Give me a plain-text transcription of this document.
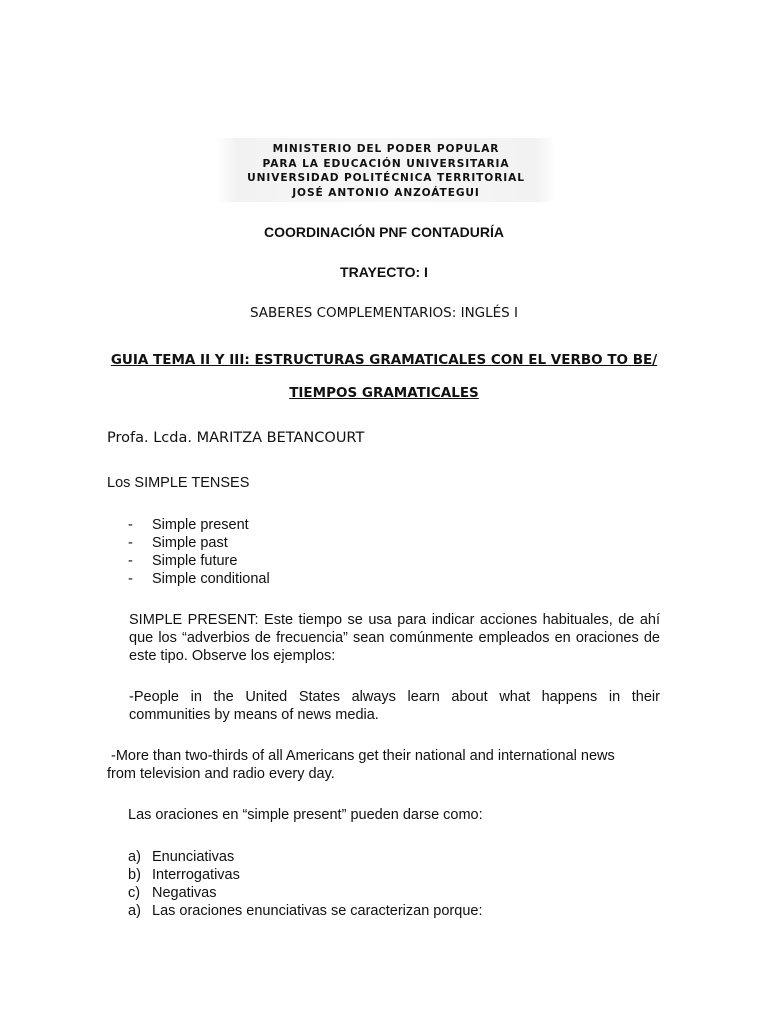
MINISTERIO DEL PODER POPULAR
PARA LA EDUCACIÓN UNIVERSITARIA
UNIVERSIDAD POLITÉCNICA TERRITORIAL
JOSÉ ANTONIO ANZOÁTEGUI
COORDINACIÓN PNF CONTADURÍA
TRAYECTO: I
SABERES COMPLEMENTARIOS: INGLÉS I
GUIA TEMA II Y III: ESTRUCTURAS GRAMATICALES CON EL VERBO TO BE/
TIEMPOS GRAMATICALES
Profa. Lcda. MARITZA BETANCOURT
Los SIMPLE TENSES
-	Simple present
-	Simple past
-	Simple future
-	Simple conditional
SIMPLE PRESENT: Este tiempo se usa para indicar acciones habituales, de ahí que los “adverbios de frecuencia” sean comúnmente empleados en oraciones de este tipo. Observe los ejemplos:
-People in the United States always learn about what happens in their communities by means of news media.
-More than two-thirds of all Americans get their national and international news
from television and radio every day.
Las oraciones en “simple present” pueden darse como:
a) Enunciativas
b) Interrogativas
c) Negativas
a) Las oraciones enunciativas se caracterizan porque:
